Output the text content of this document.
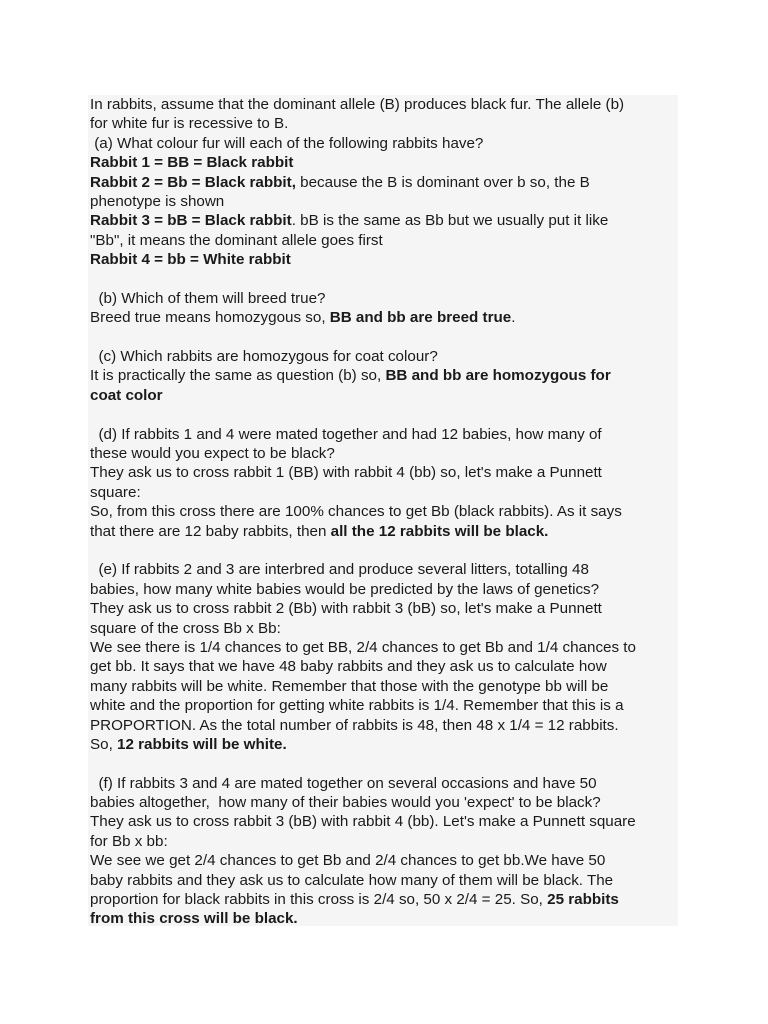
In rabbits, assume that the dominant allele (B) produces black fur. The allele (b)
for white fur is recessive to B.
(a) What colour fur will each of the following rabbits have?
Rabbit 1 = BB = Black rabbit
Rabbit 2 = Bb = Black rabbit, because the B is dominant over b so, the B
phenotype is shown
Rabbit 3 = bB = Black rabbit. bB is the same as Bb but we usually put it like
"Bb", it means the dominant allele goes first
Rabbit 4 = bb = White rabbit
(b) Which of them will breed true?
Breed true means homozygous so, BB and bb are breed true.
(c) Which rabbits are homozygous for coat colour?
It is practically the same as question (b) so, BB and bb are homozygous for
coat color
(d) If rabbits 1 and 4 were mated together and had 12 babies, how many of
these would you expect to be black?
They ask us to cross rabbit 1 (BB) with rabbit 4 (bb) so, let's make a Punnett
square:
So, from this cross there are 100% chances to get Bb (black rabbits). As it says
that there are 12 baby rabbits, then all the 12 rabbits will be black.
(e) If rabbits 2 and 3 are interbred and produce several litters, totalling 48
babies, how many white babies would be predicted by the laws of genetics?
They ask us to cross rabbit 2 (Bb) with rabbit 3 (bB) so, let's make a Punnett
square of the cross Bb x Bb:
We see there is 1/4 chances to get BB, 2/4 chances to get Bb and 1/4 chances to
get bb. It says that we have 48 baby rabbits and they ask us to calculate how
many rabbits will be white. Remember that those with the genotype bb will be
white and the proportion for getting white rabbits is 1/4. Remember that this is a
PROPORTION. As the total number of rabbits is 48, then 48 x 1/4 = 12 rabbits.
So, 12 rabbits will be white.
(f) If rabbits 3 and 4 are mated together on several occasions and have 50
babies altogether,  how many of their babies would you 'expect' to be black?
They ask us to cross rabbit 3 (bB) with rabbit 4 (bb). Let's make a Punnett square
for Bb x bb:
We see we get 2/4 chances to get Bb and 2/4 chances to get bb.We have 50
baby rabbits and they ask us to calculate how many of them will be black. The
proportion for black rabbits in this cross is 2/4 so, 50 x 2/4 = 25. So, 25 rabbits
from this cross will be black.
